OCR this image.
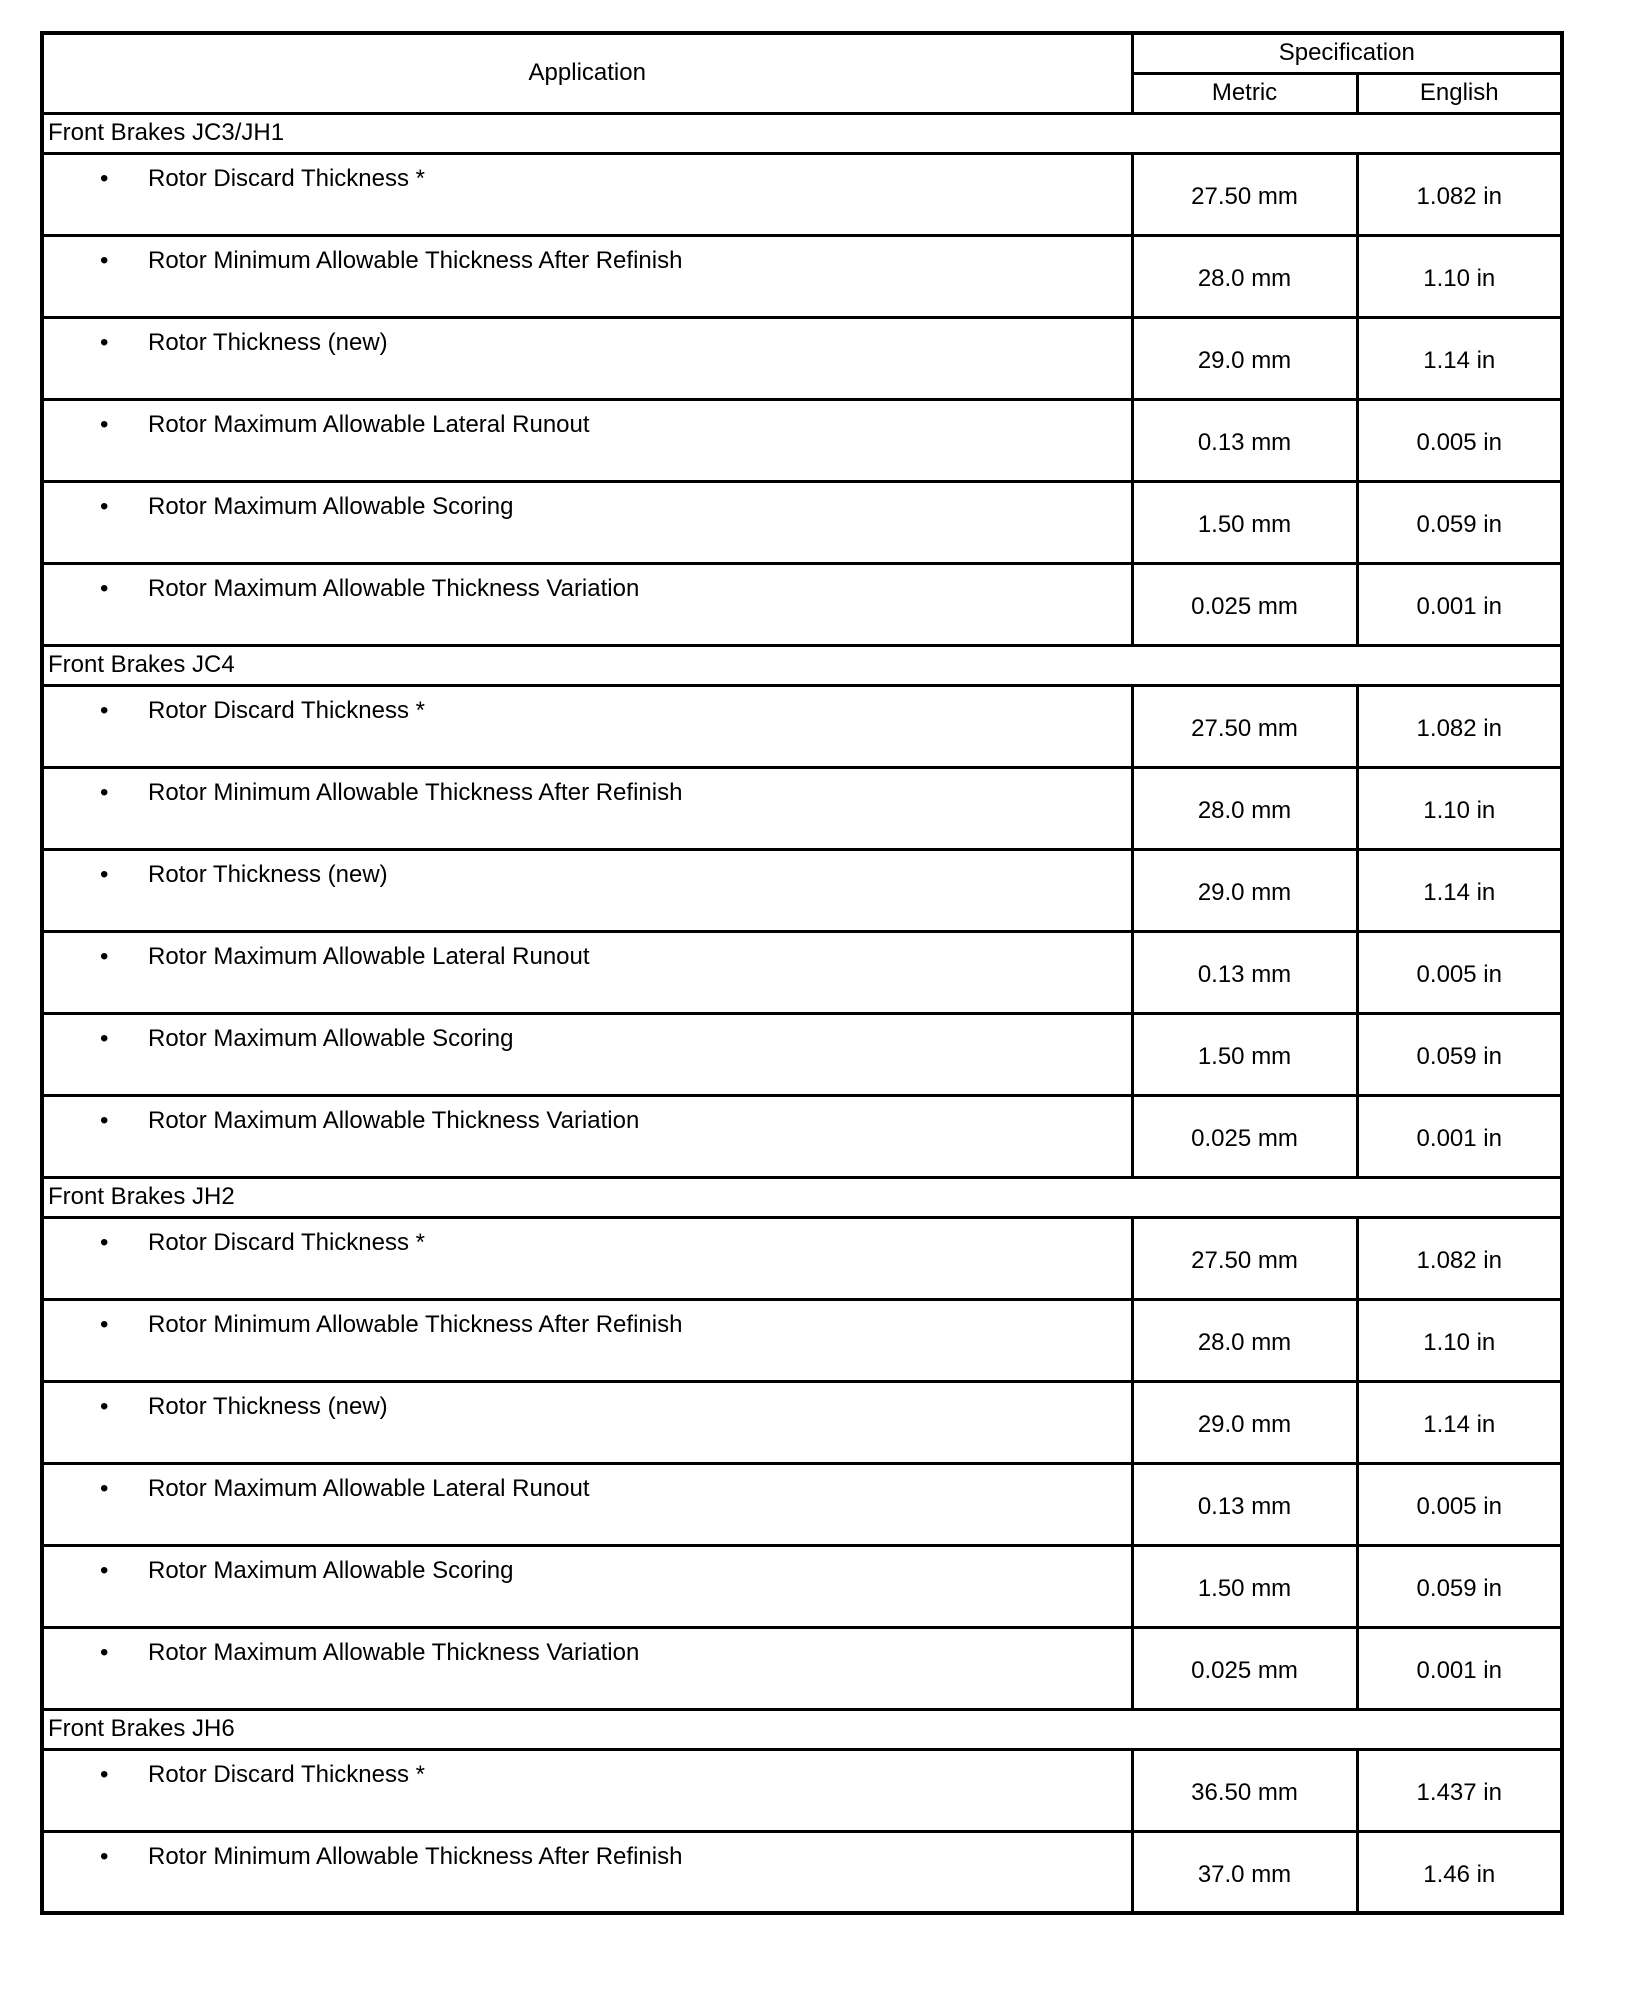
Application	Specification	
	Metric	English
Front Brakes JC3/JH1		

• Rotor Discard Thickness *	27.50 mm	1.082 in

• Rotor Minimum Allowable Thickness After Refinish	28.0 mm	1.10 in

• Rotor Thickness (new)	29.0 mm	1.14 in

• Rotor Maximum Allowable Lateral Runout	0.13 mm	0.005 in

• Rotor Maximum Allowable Scoring	1.50 mm	0.059 in

• Rotor Maximum Allowable Thickness Variation	0.025 mm	0.001 in
Front Brakes JC4		

• Rotor Discard Thickness *	27.50 mm	1.082 in

• Rotor Minimum Allowable Thickness After Refinish	28.0 mm	1.10 in

• Rotor Thickness (new)	29.0 mm	1.14 in

• Rotor Maximum Allowable Lateral Runout	0.13 mm	0.005 in

• Rotor Maximum Allowable Scoring	1.50 mm	0.059 in

• Rotor Maximum Allowable Thickness Variation	0.025 mm	0.001 in
Front Brakes JH2		

• Rotor Discard Thickness *	27.50 mm	1.082 in

• Rotor Minimum Allowable Thickness After Refinish	28.0 mm	1.10 in

• Rotor Thickness (new)	29.0 mm	1.14 in

• Rotor Maximum Allowable Lateral Runout	0.13 mm	0.005 in

• Rotor Maximum Allowable Scoring	1.50 mm	0.059 in

• Rotor Maximum Allowable Thickness Variation	0.025 mm	0.001 in
Front Brakes JH6		

• Rotor Discard Thickness *	36.50 mm	1.437 in

• Rotor Minimum Allowable Thickness After Refinish	37.0 mm	1.46 in
